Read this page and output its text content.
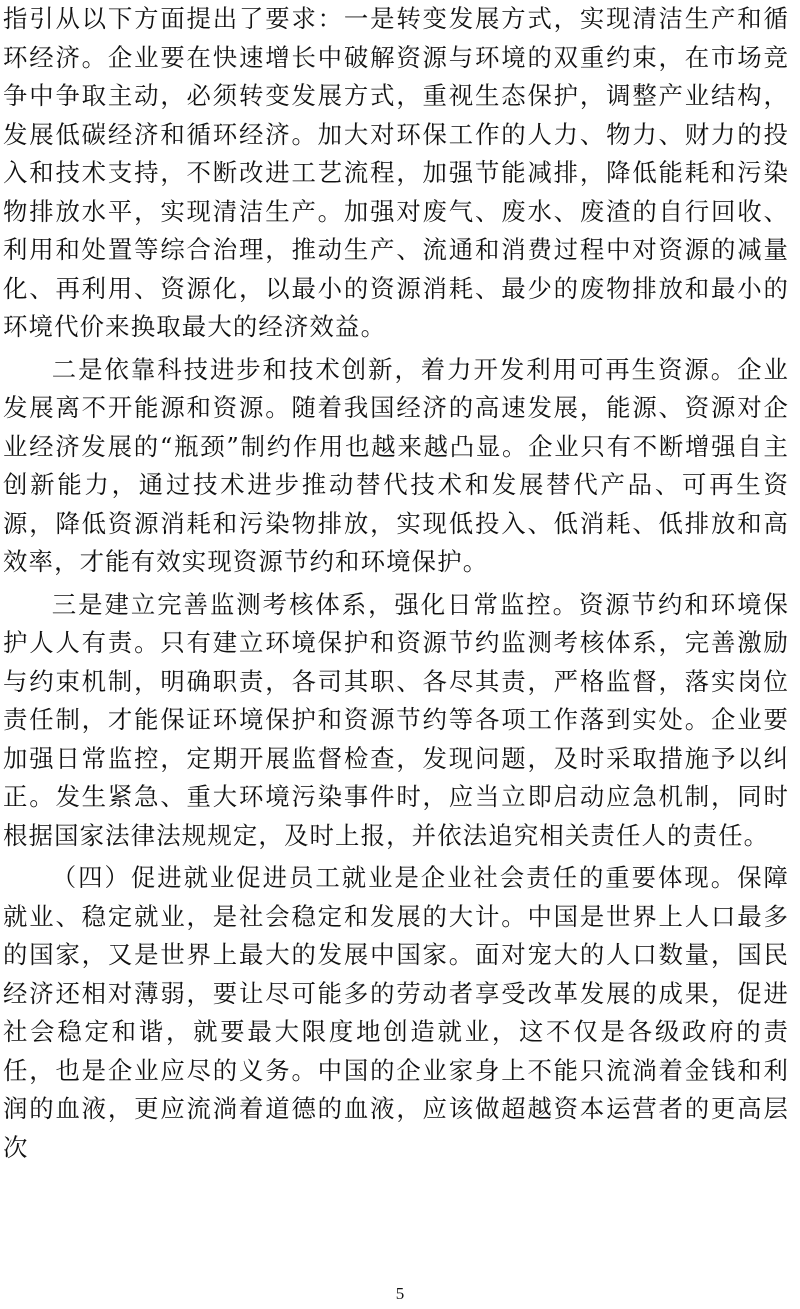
指引从以下方面提出了要求：一是转变发展方式，实现清洁生产和循环经济。企业要在快速增长中破解资源与环境的双重约束，在市场竞争中争取主动，必须转变发展方式，重视生态保护，调整产业结构，发展低碳经济和循环经济。加大对环保工作的人力、物力、财力的投入和技术支持，不断改进工艺流程，加强节能减排，降低能耗和污染物排放水平，实现清洁生产。加强对废气、废水、废渣的自行回收、利用和处置等综合治理，推动生产、流通和消费过程中对资源的减量化、再利用、资源化，以最小的资源消耗、最少的废物排放和最小的环境代价来换取最大的经济效益。

二是依靠科技进步和技术创新，着力开发利用可再生资源。企业发展离不开能源和资源。随着我国经济的高速发展，能源、资源对企业经济发展的“瓶颈”制约作用也越来越凸显。企业只有不断增强自主创新能力，通过技术进步推动替代技术和发展替代产品、可再生资源，降低资源消耗和污染物排放，实现低投入、低消耗、低排放和高效率，才能有效实现资源节约和环境保护。

三是建立完善监测考核体系，强化日常监控。资源节约和环境保护人人有责。只有建立环境保护和资源节约监测考核体系，完善激励与约束机制，明确职责，各司其职、各尽其责，严格监督，落实岗位责任制，才能保证环境保护和资源节约等各项工作落到实处。企业要加强日常监控，定期开展监督检查，发现问题，及时采取措施予以纠正。发生紧急、重大环境污染事件时，应当立即启动应急机制，同时根据国家法律法规规定，及时上报，并依法追究相关责任人的责任。

（四）促进就业促进员工就业是企业社会责任的重要体现。保障就业、稳定就业，是社会稳定和发展的大计。中国是世界上人口最多的国家，又是世界上最大的发展中国家。面对宠大的人口数量，国民经济还相对薄弱，要让尽可能多的劳动者享受改革发展的成果，促进社会稳定和谐，就要最大限度地创造就业，这不仅是各级政府的责任，也是企业应尽的义务。中国的企业家身上不能只流淌着金钱和利润的血液，更应流淌着道德的血液，应该做超越资本运营者的更高层次

5
